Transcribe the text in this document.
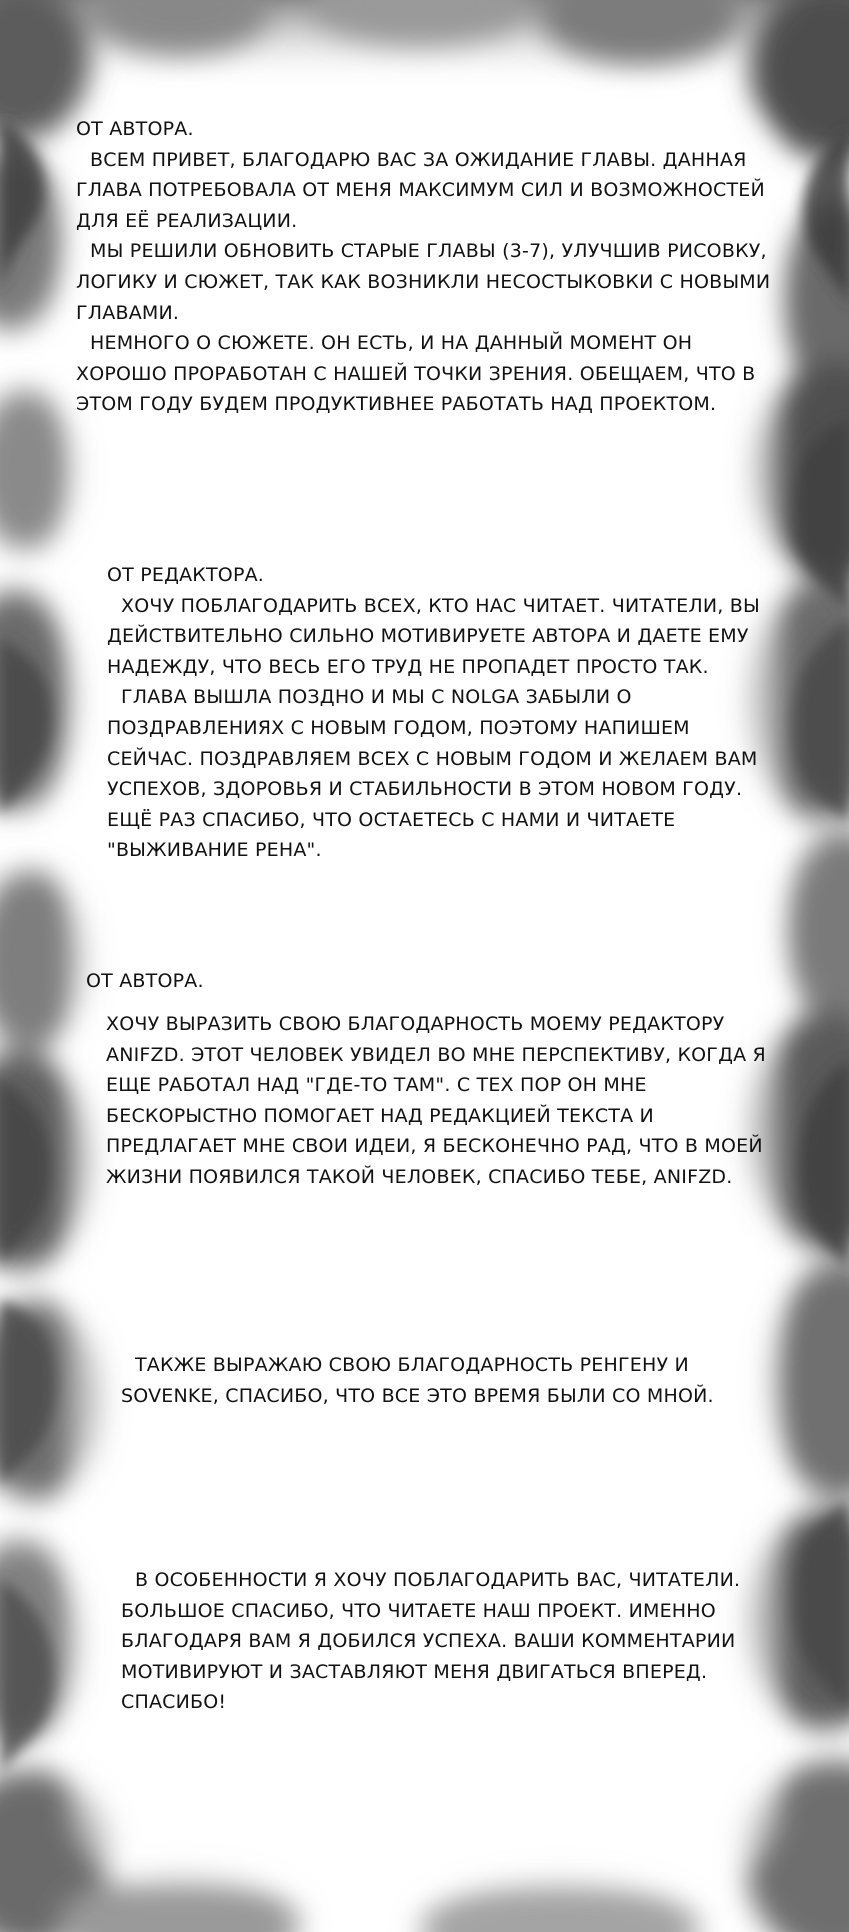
ОТ АВТОРА.

ВСЕМ ПРИВЕТ, БЛАГОДАРЮ ВАС ЗА ОЖИДАНИЕ ГЛАВЫ. ДАННАЯ ГЛАВА ПОТРЕБОВАЛА ОТ МЕНЯ МАКСИМУМ СИЛ И ВОЗМОЖНОСТЕЙ ДЛЯ ЕЁ РЕАЛИЗАЦИИ.

МЫ РЕШИЛИ ОБНОВИТЬ СТАРЫЕ ГЛАВЫ (3-7), УЛУЧШИВ РИСОВКУ, ЛОГИКУ И СЮЖЕТ, ТАК КАК ВОЗНИКЛИ НЕСОСТЫКОВКИ С НОВЫМИ ГЛАВАМИ.

НЕМНОГО О СЮЖЕТЕ. ОН ЕСТЬ, И НА ДАННЫЙ МОМЕНТ ОН ХОРОШО ПРОРАБОТАН С НАШЕЙ ТОЧКИ ЗРЕНИЯ. ОБЕЩАЕМ, ЧТО В ЭТОМ ГОДУ БУДЕМ ПРОДУКТИВНЕЕ РАБОТАТЬ НАД ПРОЕКТОМ.

ОТ РЕДАКТОРА.

ХОЧУ ПОБЛАГОДАРИТЬ ВСЕХ, КТО НАС ЧИТАЕТ. ЧИТАТЕЛИ, ВЫ ДЕЙСТВИТЕЛЬНО СИЛЬНО МОТИВИРУЕТЕ АВТОРА И ДАЕТЕ ЕМУ НАДЕЖДУ, ЧТО ВЕСЬ ЕГО ТРУД НЕ ПРОПАДЕТ ПРОСТО ТАК.

ГЛАВА ВЫШЛА ПОЗДНО И МЫ С NOLGA ЗАБЫЛИ О ПОЗДРАВЛЕНИЯХ С НОВЫМ ГОДОМ, ПОЭТОМУ НАПИШЕМ СЕЙЧАС. ПОЗДРАВЛЯЕМ ВСЕХ С НОВЫМ ГОДОМ И ЖЕЛАЕМ ВАМ УСПЕХОВ, ЗДОРОВЬЯ И СТАБИЛЬНОСТИ В ЭТОМ НОВОМ ГОДУ. ЕЩЁ РАЗ СПАСИБО, ЧТО ОСТАЕТЕСЬ С НАМИ И ЧИТАЕТЕ "ВЫЖИВАНИЕ РЕНА".

ОТ АВТОРА.

ХОЧУ ВЫРАЗИТЬ СВОЮ БЛАГОДАРНОСТЬ МОЕМУ РЕДАКТОРУ ANIFZD. ЭТОТ ЧЕЛОВЕК УВИДЕЛ ВО МНЕ ПЕРСПЕКТИВУ, КОГДА Я ЕЩЕ РАБОТАЛ НАД "ГДЕ-ТО ТАМ". С ТЕХ ПОР ОН МНЕ БЕСКОРЫСТНО ПОМОГАЕТ НАД РЕДАКЦИЕЙ ТЕКСТА И ПРЕДЛАГАЕТ МНЕ СВОИ ИДЕИ, Я БЕСКОНЕЧНО РАД, ЧТО В МОЕЙ ЖИЗНИ ПОЯВИЛСЯ ТАКОЙ ЧЕЛОВЕК, СПАСИБО ТЕБЕ, ANIFZD.

ТАКЖЕ ВЫРАЖАЮ СВОЮ БЛАГОДАРНОСТЬ РЕНГЕНУ И SOVENKE, СПАСИБО, ЧТО ВСЕ ЭТО ВРЕМЯ БЫЛИ СО МНОЙ.

В ОСОБЕННОСТИ Я ХОЧУ ПОБЛАГОДАРИТЬ ВАС, ЧИТАТЕЛИ. БОЛЬШОЕ СПАСИБО, ЧТО ЧИТАЕТЕ НАШ ПРОЕКТ. ИМЕННО БЛАГОДАРЯ ВАМ Я ДОБИЛСЯ УСПЕХА. ВАШИ КОММЕНТАРИИ МОТИВИРУЮТ И ЗАСТАВЛЯЮТ МЕНЯ ДВИГАТЬСЯ ВПЕРЕД. СПАСИБО!
